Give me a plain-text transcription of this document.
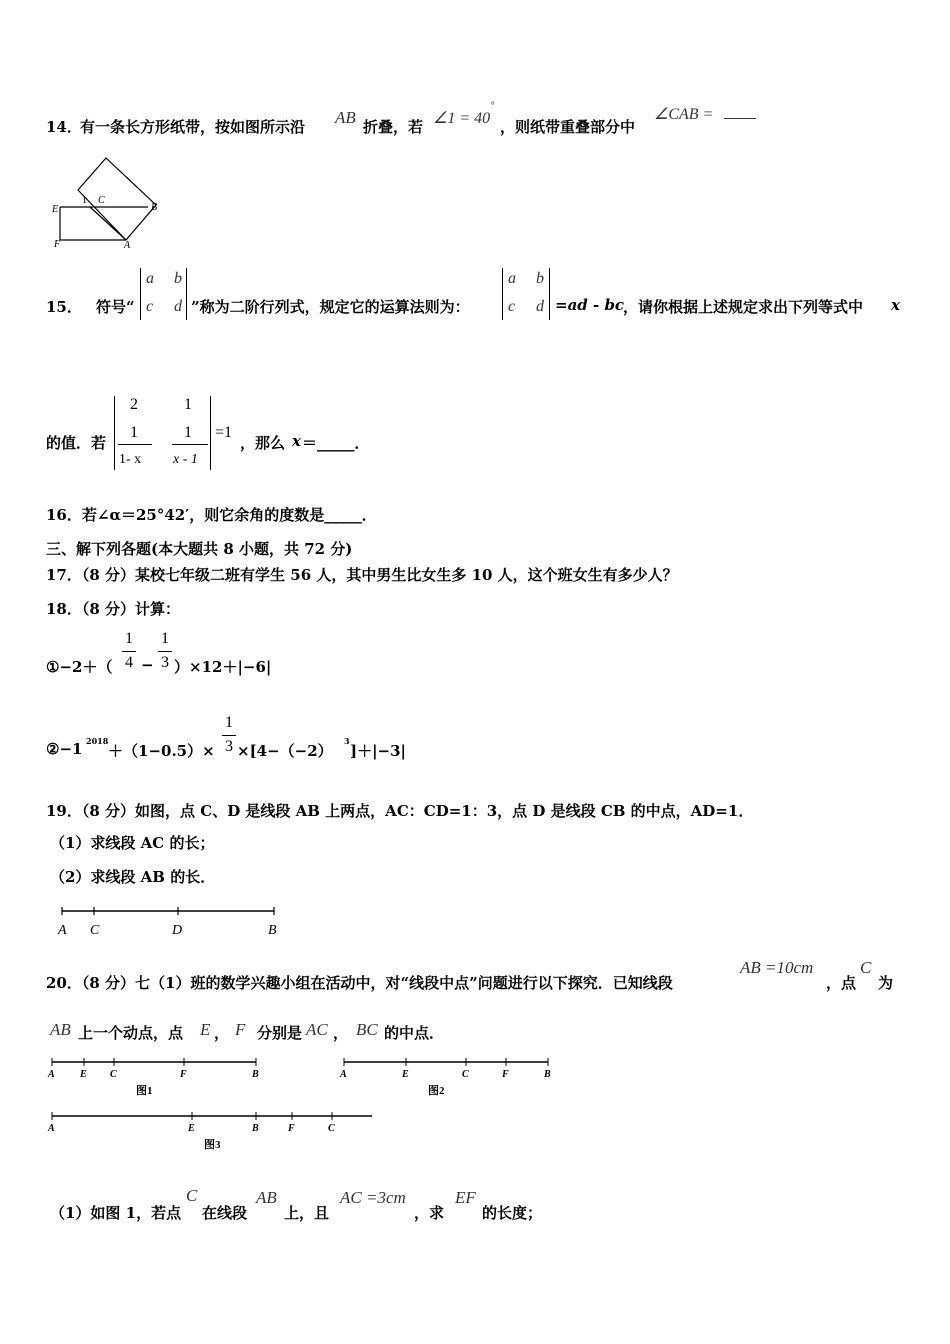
14．
有一条长方形纸带，按如图所示沿 AB 折叠，若 ∠1 = 40
°
，则纸带重叠部分中
∠CAB = ____
E
1 C
B
F	A
15． 符号“
a b
c d ”称为二阶行列式，规定它的运算法则为：
a b
c d =ad - bc
，请你根据上述规定求出下列等式中 x
的值．若
2	1
1
1- x
1
x - 1
=1
，那么 x ＝_____．
16．若∠α＝25°42′，则它余角的度数是_____．
三、解下列各题(本大题共 8 小题，共 72 分)
17．（8 分）某校七年级二班有学生 56 人，其中男生比女生多 10 人，这个班女生有多少人？
18．（8 分）计算：
①−2＋（
1
4 −
1
3 ）×12＋|−6|
②−1 2018
＋（1−0.5）×
1
3 ×[4−（−2）
3
]＋|−3|
19．（8 分）如图，点 C、D 是线段 AB 上两点，AC：CD=1：3，点 D 是线段 CB 的中点，AD=1．
（1）求线段 AC 的长；
（2）求线段 AB 的长．
A C	D	B
20．（8 分）七（1）班的数学兴趣小组在活动中，对“线段中点”问题进行以下探究．已知线段
AB =10cm
，点
C
为
AB 上一个动点，点 E ， F 分别是 AC ， BC 的中点．
A	E C	F	B
图1
A	E	C	F	B
图2
A	E	B	F	C
图3
（1）如图 1，若点
C
在线段
AB
上，且
AC =3cm
，求
EF
的长度；
